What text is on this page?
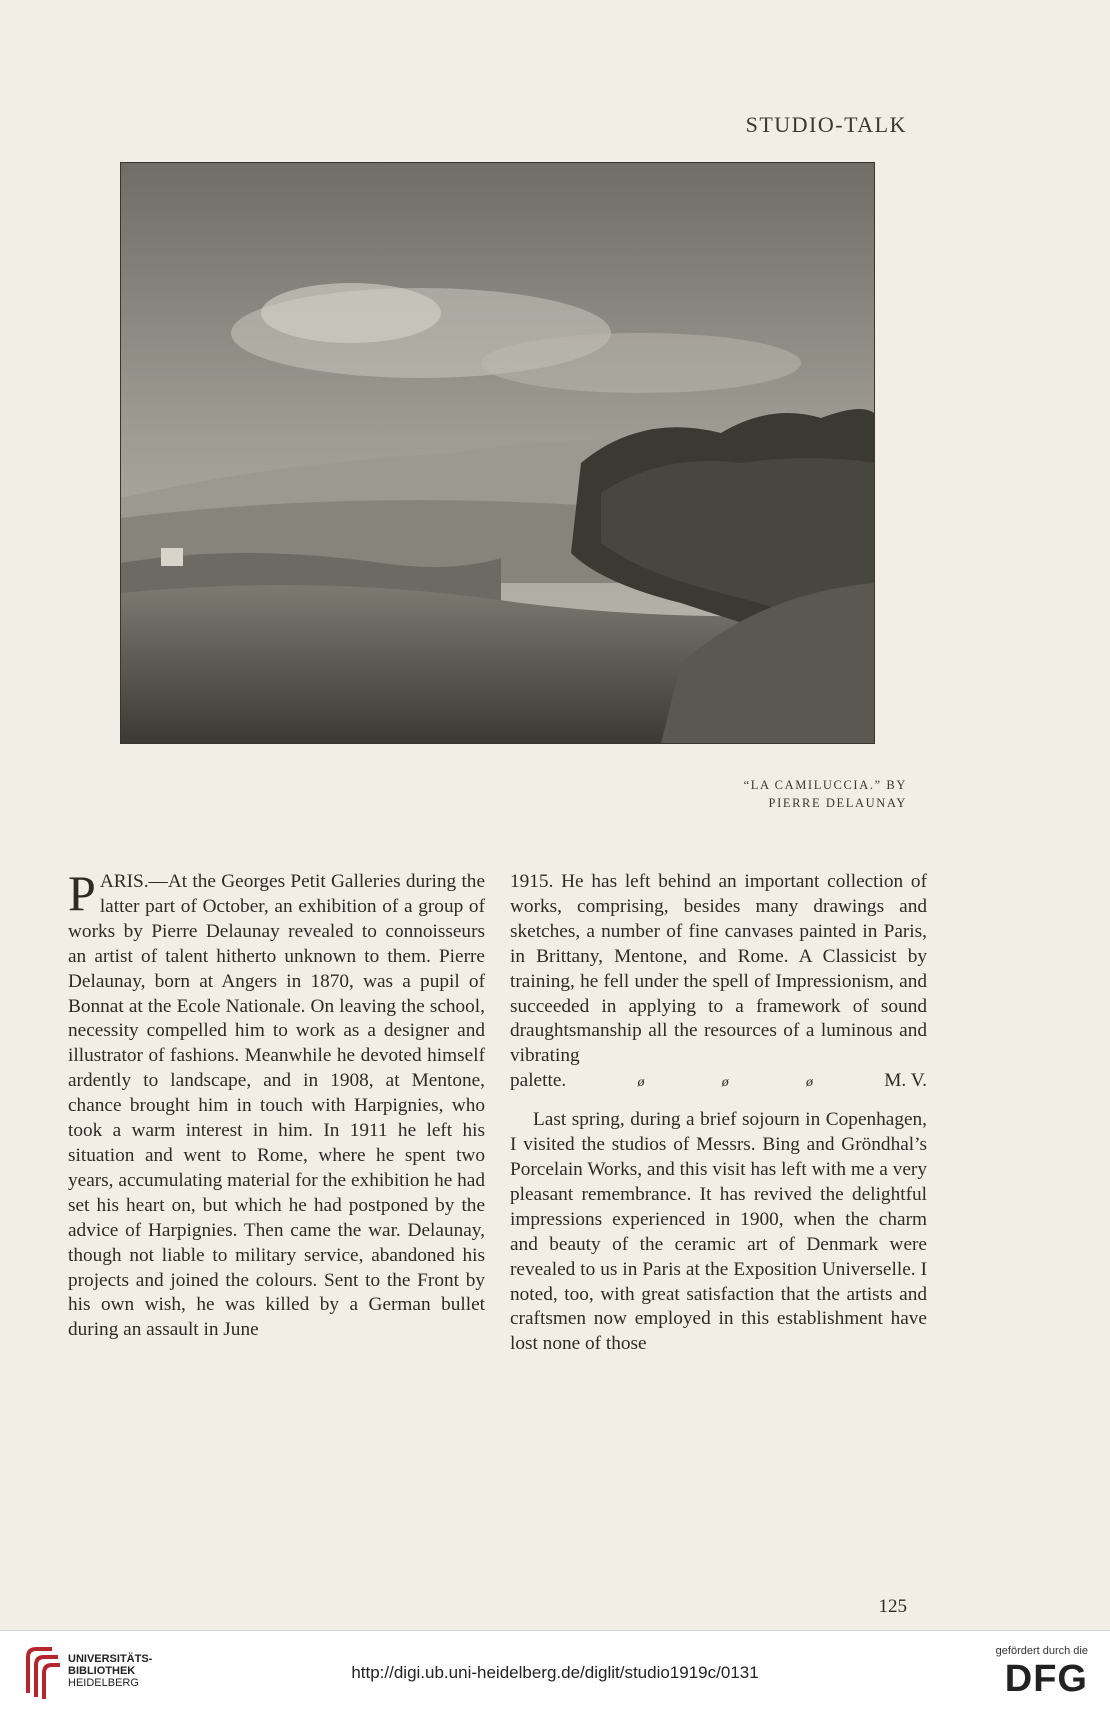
STUDIO-TALK
“LA CAMILUCCIA.” BY
PIERRE DELAUNAY

PARIS.—At the Georges Petit Galleries during the latter part of October, an exhibition of a group of works by Pierre Delaunay revealed to connoisseurs an artist of talent hitherto unknown to them. Pierre Delaunay, born at Angers in 1870, was a pupil of Bonnat at the Ecole Nationale. On leaving the school, necessity compelled him to work as a designer and illustrator of fashions. Meanwhile he devoted himself ardently to landscape, and in 1908, at Mentone, chance brought him in touch with Harpignies, who took a warm interest in him. In 1911 he left his situation and went to Rome, where he spent two years, accumulating material for the exhibition he had set his heart on, but which he had postponed by the advice of Harpignies. Then came the war. Delaunay, though not liable to military service, abandoned his projects and joined the colours. Sent to the Front by his own wish, he was killed by a German bullet during an assault in June

1915. He has left behind an important collection of works, comprising, besides many drawings and sketches, a number of fine canvases painted in Paris, in Brittany, Mentone, and Rome. A Classicist by training, he fell under the spell of Impressionism, and succeeded in applying to a framework of sound draughtsmanship all the resources of a luminous and vibrating

palette.	ø	ø	ø	M. V.

Last spring, during a brief sojourn in Copenhagen, I visited the studios of Messrs. Bing and Gröndhal’s Porcelain Works, and this visit has left with me a very pleasant remembrance. It has revived the delightful impressions experienced in 1900, when the charm and beauty of the ceramic art of Denmark were revealed to us in Paris at the Exposition Universelle. I noted, too, with great satisfaction that the artists and craftsmen now employed in this establishment have lost none of those

125
UNIVERSITÄTS-
BIBLIOTHEK
HEIDELBERG
http://digi.ub.uni-heidelberg.de/diglit/studio1919c/0131
gefördert durch die
DFG
